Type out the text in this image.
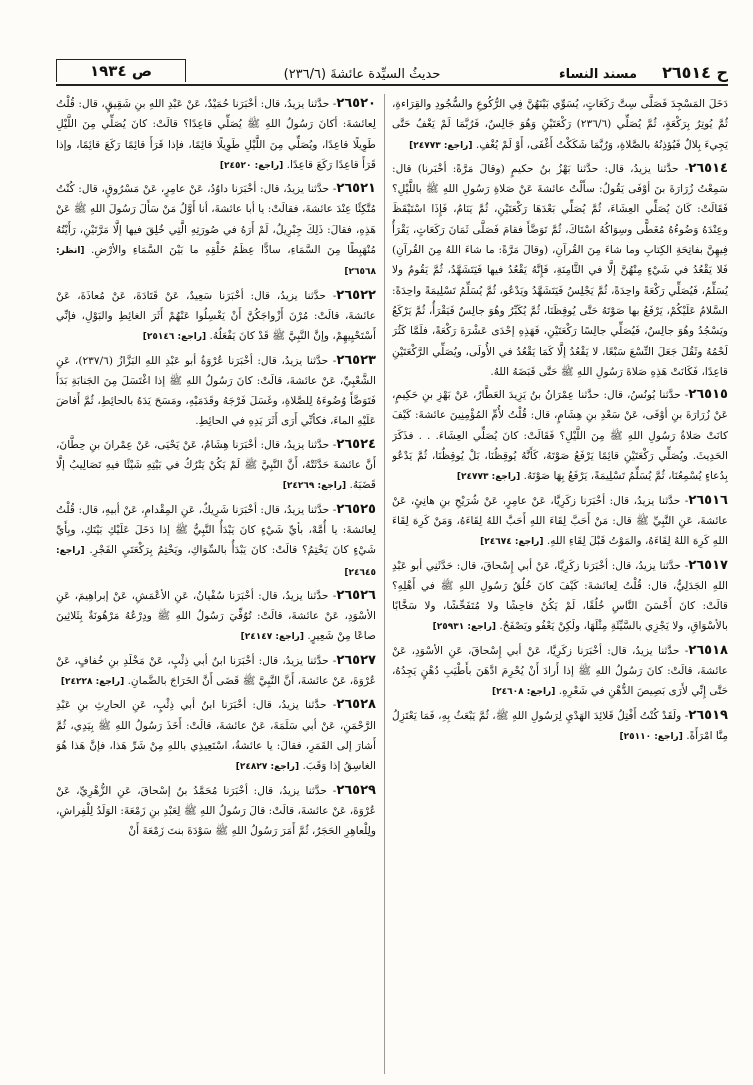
ح ٢٦٥١٤
مسند النساء
حديثُ السيِّدة عائشةَ (٢٣٦/٦)
ص ١٩٣٤

دَخَلَ المَسْجِدَ فَصَلَّى سِتَّ رَكَعَاتٍ، يُسَوِّي بَيْنَهُنَّ فِي الرُّكُوعِ والسُّجُودِ والقِرَاءةِ، ثُمَّ يُوتِرُ بِرَكْعَةٍ، ثُمَّ يُصَلِّي (٢٣٦/٦) رَكْعَتَيْنِ وَهُوَ جَالِسٌ، فَرُبَّمَا لَمْ يَغْفُ حَتَّى يَجِيءَ بِلالٌ فَيُؤذِنُهُ بالصَّلاةِ، وَرُبَّمَا شَكَكْتُ أَغْفَى، أَوْ لَمْ يُغْفِ. [راجع: ٢٤٧٧٣]

٢٦٥١٤- حدَّثنا يزيدُ، قال: حدَّثنا بَهْزُ بنُ حكيمٍ (وقالَ مَرَّةً: أخْبَرنا) قال: سَمِعْتُ زُرَارَةَ بنَ أوْفَى يَقُولُ: سأَلْتُ عائشةَ عَنْ صَلاةِ رَسُولِ اللهِ ﷺ باللَّيْلِ؟ فَقَالَتْ: كَانَ يُصَلِّي العِشَاءَ، ثُمَّ يُصَلِّي بَعْدَهَا رَكْعَتَيْنِ، ثُمَّ يَنَامُ، فَإِذَا اسْتَيْقَظَ وعِنْدَهُ وَضُوءُهُ مُغَطًّى وسِوَاكُهُ اسْتَاكَ، ثُمَّ تَوَضَّأَ فقامَ فَصَلَّى ثَمَانَ رَكَعَاتٍ، يَقْرَأُ فِيهِنَّ بفاتِحَةِ الكِتابِ وما شاءَ مِنَ القُرآنِ، (وقالَ مَرَّةً: ما شاءَ اللهُ مِنَ القُرآنِ) فَلا يَقْعُدُ في شَيْءٍ مِنْهُنَّ إلَّا في الثَّامِنَةِ، فَإِنَّهُ يَقْعُدُ فيها فَيَتَشَهَّدُ، ثُمَّ يَقُومُ ولا يُسَلِّمُ، فَيُصَلِّي رَكْعَةً واحِدَةً، ثُمَّ يَجْلِسُ فَيَتَشَهَّدُ ويَدْعُو، ثُمَّ يُسَلِّمُ تَسْلِيمَةً واحِدَةً: السَّلامُ عَلَيْكُمْ، يَرْفَعُ بها صَوْتَهُ حَتَّى يُوقِظَنَا، ثُمَّ يُكَبِّرُ وهُوَ جالِسٌ فَيَقْرَأُ، ثُمَّ يَرْكَعُ ويَسْجُدُ وهُوَ جالِسٌ، فَيُصَلِّي جالِسًا رَكْعَتَيْنِ، فَهَذِهِ إحْدَى عَشْرَةَ رَكْعَةً، فلَمَّا كَثُرَ لَحْمُهُ وثَقُلَ جَعَلَ التِّسْعَ سَبْعًا، لا يَقْعُدُ إلَّا كَمَا يَقْعُدُ في الأُولَى، ويُصَلِّي الرَّكْعَتَيْنِ قاعِدًا، فَكَانَتْ هَذِهِ صَلاةَ رَسُولِ اللهِ ﷺ حَتَّى قَبَضَهُ اللهُ.

٢٦٥١٥- حدَّثنا يُونُسُ، قال: حدَّثنا عِمْرَانُ بنُ يَزِيدَ العَطَّارُ، عَنْ بَهْزِ بنِ حَكِيمٍ، عَنْ زُرَارَةَ بنِ أوْفَى، عَنْ سَعْدِ بنِ هِشَامٍ، قال: قُلْتُ لأُمِّ المُؤْمِنِينَ عائشةَ: كَيْفَ كانَتْ صَلاةُ رَسُولِ اللهِ ﷺ مِنَ اللَّيْلِ؟ فَقَالَتْ: كانَ يُصَلِّي العِشَاءَ. . . فذَكَرَ الحَدِيثَ. ويُصَلِّي رَكْعَتَيْنِ قائِمًا يَرْفَعُ صَوْتَهُ، كَأَنَّهُ يُوقِظُنَا، بَلْ يُوقِظُنَا، ثُمَّ يَدْعُو بِدُعاءٍ يُسْمِعُنَا، ثُمَّ يُسَلِّمُ تَسْلِيمَةً، يَرْفَعُ بِهَا صَوْتَهُ. [راجع: ٢٤٧٧٣]

٢٦٥١٦- حدَّثنا يزيدُ، قال: أخْبَرَنا زكَرِيَّا، عَنْ عامِرٍ، عَنْ شُرَيْحِ بنِ هانِئٍ، عَنْ عائشةَ، عَنِ النَّبِيِّ ﷺ قال: مَنْ أَحَبَّ لِقَاءَ اللهِ أَحَبَّ اللهُ لِقَاءَهُ، وَمَنْ كَرِهَ لِقَاءَ اللهِ كَرِهَ اللهُ لِقَاءَهُ، والمَوْتُ قَبْلَ لِقَاءِ اللهِ. [راجع: ٢٤٦٧٤]

٢٦٥١٧- حدَّثنا يزيدُ، قال: أخْبَرَنا زكَرِيَّا، عَنْ أبي إِسْحاقَ، قال: حَدَّثَنِي أبو عَبْدِ اللهِ الجَدَلِيُّ، قال: قُلْتُ لِعائشةَ: كَيْفَ كانَ خُلُقُ رَسُولِ اللهِ ﷺ في أَهْلِهِ؟ قالَتْ: كانَ أَحْسَنَ النَّاسِ خُلُقًا، لَمْ يَكُنْ فاحِشًا ولا مُتَفَحِّشًا، ولا سَخَّابًا بالأسْوَاقِ، ولا يَجْزِي بالسَّيِّئَةِ مِثْلَهَا، ولَكِنْ يَعْفُو ويَصْفَحُ. [راجع: ٢٥٩٣١]

٢٦٥١٨- حدَّثنا يزيدُ، قال: أخْبَرَنا زكَرِيَّا، عَنْ أبي إِسْحاقَ، عَنِ الأسْوَدِ، عَنْ عائشةَ، قالَتْ: كانَ رَسُولُ اللهِ ﷺ إذا أَرادَ أَنْ يُحْرِمَ ادَّهَنَ بأَطْيَبِ دُهْنٍ يَجِدُهُ، حَتَّى إِنِّي لأَرَى بَصِيصَ الدُّهْنِ في شَعْرِهِ. [راجع: ٢٤٦٠٨]

٢٦٥١٩- ولَقَدْ كُنْتُ أَفْتِلُ قَلائِدَ الهَدْيِ لِرَسُولِ اللهِ ﷺ، ثُمَّ يَبْعَثُ بِهِ، فَمَا يَعْتَزِلُ مِنَّا امْرَأَةً. [راجع: ٢٥١١٠]

٢٦٥٢٠- حدَّثنا يزيدُ، قال: أخْبَرَنا حُمَيْدٌ، عَنْ عَبْدِ اللهِ بنِ شَقِيقٍ، قال: قُلْتُ لِعائشةَ: أكانَ رَسُولُ اللهِ ﷺ يُصَلِّي قاعِدًا؟ قالَتْ: كانَ يُصَلِّي مِنَ اللَّيْلِ طَوِيلًا قاعِدًا، ويُصَلِّي مِنَ اللَّيْلِ طَوِيلًا قائِمًا، فإذا قَرَأَ قائِمًا رَكَعَ قائِمًا، وإذا قَرَأَ قاعِدًا رَكَعَ قاعِدًا. [راجع: ٢٤٥٢٠]

٢٦٥٢١- حدَّثنا يزيدُ، قال: أخْبَرَنا داوُدُ، عَنْ عامِرٍ، عَنْ مَسْرُوقٍ، قال: كُنْتُ مُتَّكِئًا عِنْدَ عائشةَ، فقالَتْ: يا أبا عائشةَ، أنا أَوَّلُ مَنْ سَأَلَ رَسُولَ اللهِ ﷺ عَنْ هَذِهِ، فقالَ: ذَلِكَ جِبْرِيلُ، لَمْ أَرَهُ في صُورَتِهِ الَّتِي خُلِقَ فيها إلَّا مَرَّتَيْنِ، رَأَيْتُهُ مُنْهَبِطًا مِنَ السَّمَاءِ، سادًّا عِظَمُ خَلْقِهِ ما بَيْنَ السَّمَاءِ والأرْضِ. [انظر: ٢٦٥٦٨]

٢٦٥٢٢- حدَّثنا يزيدُ، قال: أخْبَرَنا سَعِيدٌ، عَنْ قَتَادَةَ، عَنْ مُعاذَةَ، عَنْ عائشةَ، قالَتْ: مُرْنَ أَزْواجَكُنَّ أَنْ يَغْسِلُوا عَنْهُمْ أَثَرَ الغائِطِ والبَوْلِ، فإنِّي أَسْتَحْيِيهِمْ، وإنَّ النَّبِيَّ ﷺ قَدْ كانَ يَفْعَلُهُ. [راجع: ٢٥١٤٦]

٢٦٥٢٣- حدَّثنا يزيدُ، قال: أخْبَرَنا عُرْوَةُ أبو عَبْدِ اللهِ البَزَّازُ (٢٣٧/٦)، عَنِ الشَّعْبِيِّ، عَنْ عائشةَ، قالَتْ: كانَ رَسُولُ اللهِ ﷺ إذا اغْتَسَلَ مِنَ الجَنابَةِ بَدَأَ فَتَوَضَّأَ وُضُوءَهُ لِلصَّلاةِ، وغَسَلَ فَرْجَهُ وقَدَمَيْهِ، ومَسَحَ يَدَهُ بالحائِطِ، ثُمَّ أَفاضَ عَلَيْهِ الماءَ، فكأنِّي أَرَى أَثَرَ يَدِهِ في الحائِطِ.

٢٦٥٢٤- حدَّثنا يزيدُ، قال: أخْبَرَنا هِشَامٌ، عَنْ يَحْيَى، عَنْ عِمْرانَ بنِ حِطَّانَ، أَنَّ عائشةَ حَدَّثَتْهُ، أَنَّ النَّبِيَّ ﷺ لَمْ يَكُنْ يَتْرُكُ في بَيْتِهِ شَيْئًا فيهِ تَصَالِيبُ إلَّا قَضَبَهُ. [راجع: ٢٤٢٦٩]

٢٦٥٢٥- حدَّثنا يزيدُ، قال: أخْبَرَنا شَرِيكٌ، عَنِ المِقْدامِ، عَنْ أبيهِ، قال: قُلْتُ لِعائشةَ: يا أُمَّهْ، بأيِّ شَيْءٍ كانَ يَبْدَأُ النَّبِيُّ ﷺ إذا دَخَلَ عَلَيْكِ بَيْتَكِ، وبِأَيِّ شَيْءٍ كانَ يَخْتِمُ؟ قالَتْ: كانَ يَبْدَأُ بالسِّوَاكِ، ويَخْتِمُ بِرَكْعَتَيِ الفَجْرِ. [راجع: ٢٤٦٤٥]

٢٦٥٢٦- حدَّثنا يزيدُ، قال: أخْبَرَنا سُفْيانُ، عَنِ الأعْمَشِ، عَنْ إبراهِيمَ، عَنِ الأسْوَدِ، عَنْ عائشةَ، قالَتْ: تُوُفِّيَ رَسُولُ اللهِ ﷺ ودِرْعُهُ مَرْهُونَةٌ بِثَلاثِينَ صاعًا مِنْ شَعِيرٍ. [راجع: ٢٤١٤٧]

٢٦٥٢٧- حدَّثنا يزيدُ، قال: أخْبَرَنا ابنُ أبي ذِئْبٍ، عَنْ مَخْلَدِ بنِ خُفافٍ، عَنْ عُرْوَةَ، عَنْ عائشةَ، أَنَّ النَّبِيَّ ﷺ قَضَى أَنَّ الخَرَاجَ بالضَّمانِ. [راجع: ٢٤٢٢٨]

٢٦٥٢٨- حدَّثنا يزيدُ، قال: أخْبَرَنا ابنُ أبي ذِئْبٍ، عَنِ الحارِثِ بنِ عَبْدِ الرَّحْمَنِ، عَنْ أبي سَلَمَةَ، عَنْ عائشةَ، قالَتْ: أَخَذَ رَسُولُ اللهِ ﷺ بِيَدِي، ثُمَّ أَشارَ إلى القَمَرِ، فقالَ: يا عائشةُ، اسْتَعِيذِي باللهِ مِنْ شَرِّ هَذا، فإنَّ هَذا هُوَ الغاسِقُ إذا وَقَبَ. [راجع: ٢٤٨٢٧]

٢٦٥٢٩- حدَّثنا يزيدُ، قال: أخْبَرَنا مُحَمَّدُ بنُ إسْحاقَ، عَنِ الزُّهْرِيِّ، عَنْ عُرْوَةَ، عَنْ عائشةَ، قالَتْ: قالَ رَسُولُ اللهِ ﷺ لِعَبْدِ بنِ زَمْعَةَ: الوَلَدُ لِلْفِراشِ، ولِلْعاهِرِ الحَجَرُ، ثُمَّ أَمَرَ رَسُولُ اللهِ ﷺ سَوْدَةَ بنتَ زَمْعَةَ أَنْ
